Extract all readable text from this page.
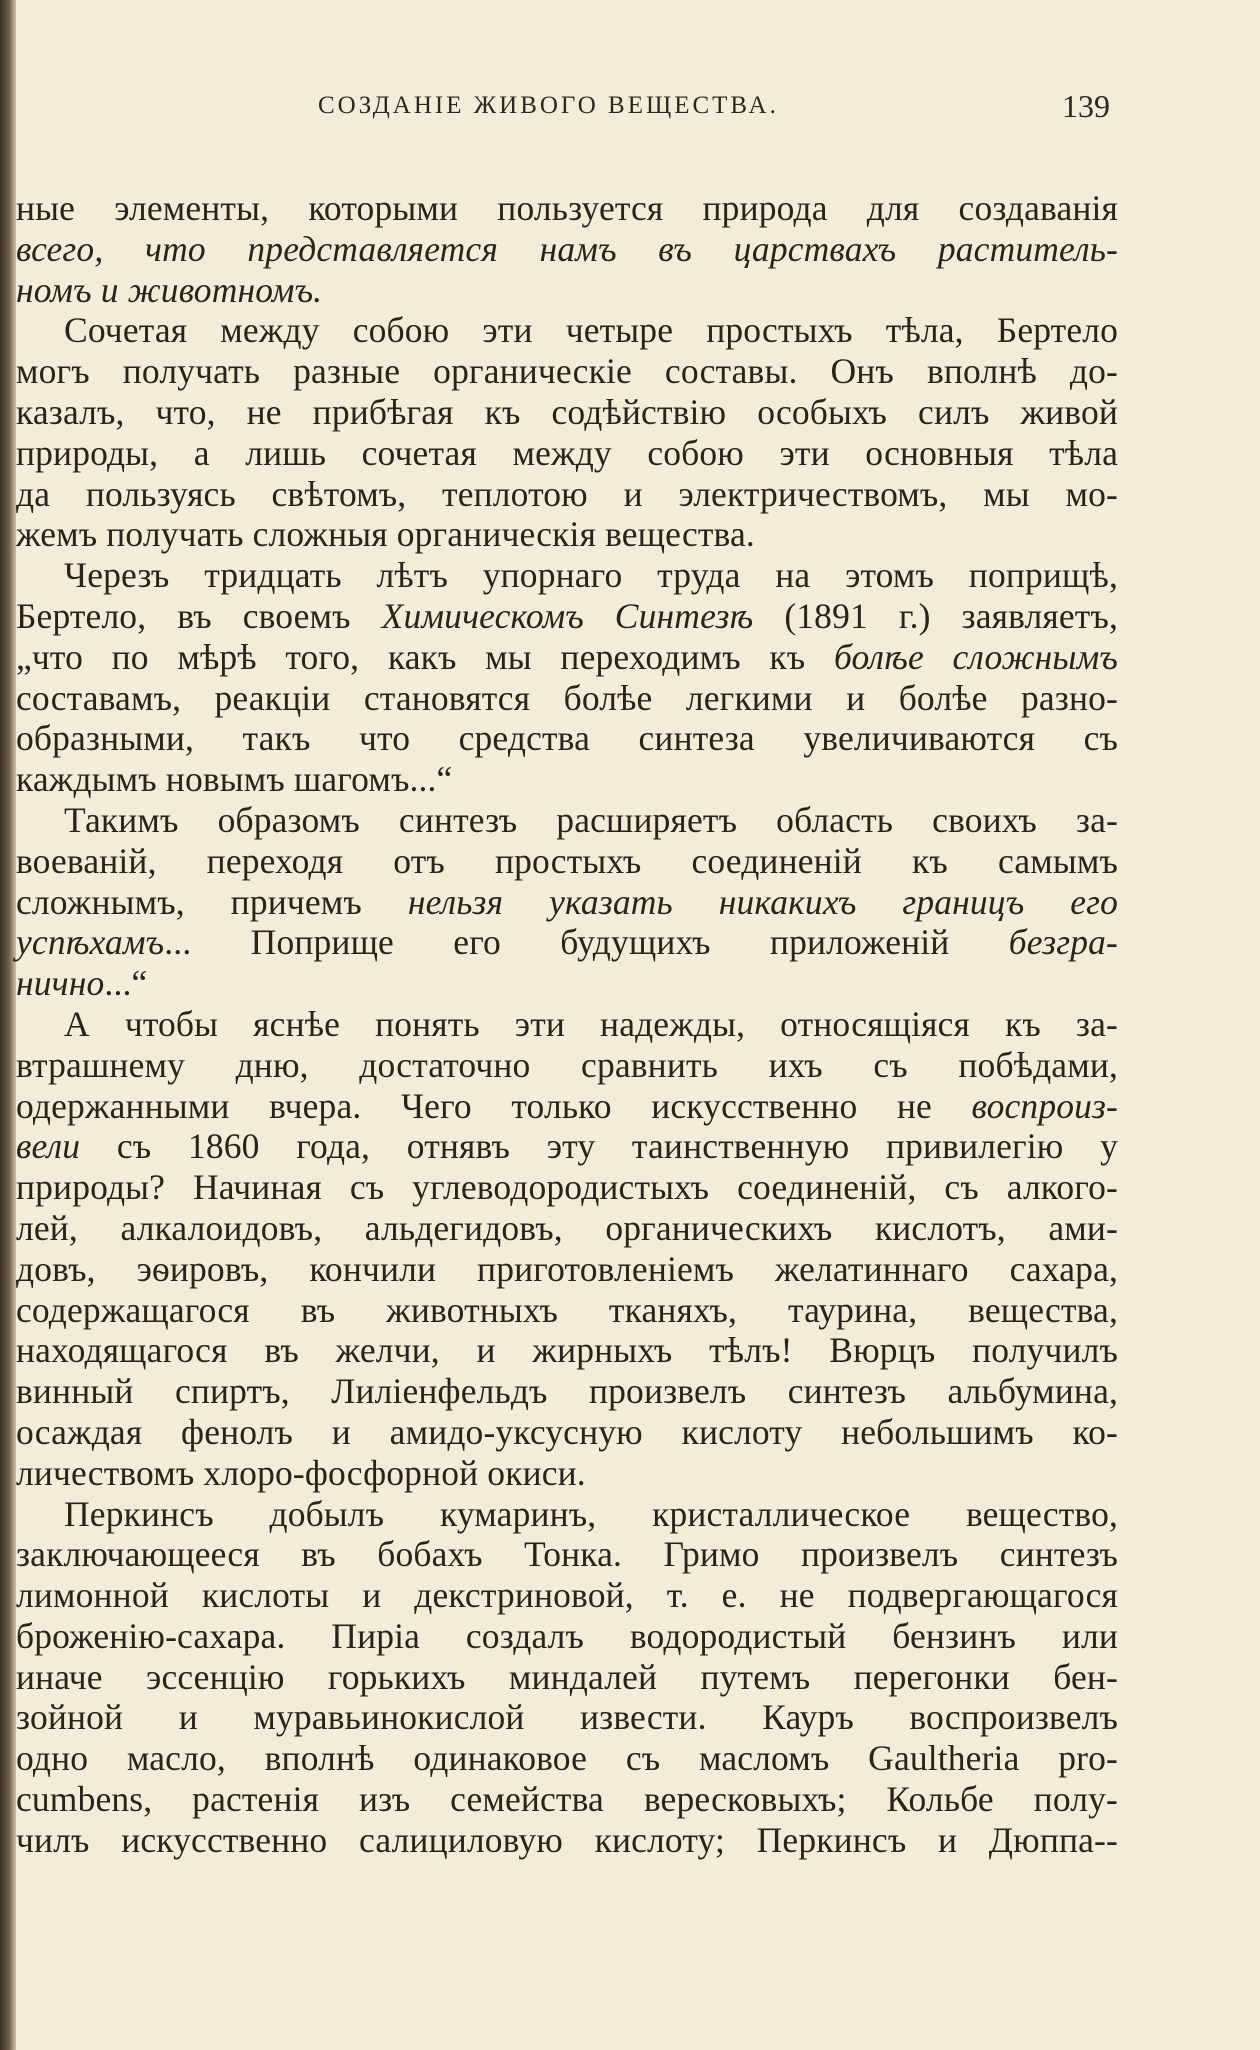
СОЗДАНІЕ ЖИВОГО ВЕЩЕСТВА.	139
ные элементы, которыми пользуется природа для создаванія
всего, что представляется намъ въ царствахъ раститель-
номъ и животномъ.
Сочетая между собою эти четыре простыхъ тѣла, Бертело
могъ получать разные органическіе составы. Онъ вполнѣ до-
казалъ, что, не прибѣгая къ содѣйствію особыхъ силъ живой
природы, а лишь сочетая между собою эти основныя тѣла
да пользуясь свѣтомъ, теплотою и электричествомъ, мы мо-
жемъ получать сложныя органическія вещества.
Черезъ тридцать лѣтъ упорнаго труда на этомъ поприщѣ,
Бертело, въ своемъ Химическомъ Синтезѣ (1891 г.) заявляетъ,
„что по мѣрѣ того, какъ мы переходимъ къ болѣе сложнымъ
составамъ, реакціи становятся болѣе легкими и болѣе разно-
образными, такъ что средства синтеза увеличиваются съ
каждымъ новымъ шагомъ...“
Такимъ образомъ синтезъ расширяетъ область своихъ за-
воеваній, переходя отъ простыхъ соединеній къ самымъ
сложнымъ, причемъ нельзя указать никакихъ границъ его
успѣхамъ... Поприще его будущихъ приложеній безгра-
нично...“
А чтобы яснѣе понять эти надежды, относящіяся къ за-
втрашнему дню, достаточно сравнить ихъ съ побѣдами,
одержанными вчера. Чего только искусственно не воспроиз-
вели съ 1860 года, отнявъ эту таинственную привилегію у
природы? Начиная съ углеводородистыхъ соединеній, съ алкого-
лей, алкалоидовъ, альдегидовъ, органическихъ кислотъ, ами-
довъ, эѳировъ, кончили приготовленіемъ желатиннаго сахара,
содержащагося въ животныхъ тканяхъ, таурина, вещества,
находящагося въ желчи, и жирныхъ тѣлъ! Вюрцъ получилъ
винный спиртъ, Лиліенфельдъ произвелъ синтезъ альбумина,
осаждая фенолъ и амидо-уксусную кислоту небольшимъ ко-
личествомъ хлоро-фосфорной окиси.
Перкинсъ добылъ кумаринъ, кристаллическое вещество,
заключающееся въ бобахъ Тонка. Гримо произвелъ синтезъ
лимонной кислоты и декстриновой, т. е. не подвергающагося
броженію-сахара. Пиріа создалъ водородистый бензинъ или
иначе эссенцію горькихъ миндалей путемъ перегонки бен-
зойной и муравьинокислой извести. Кауръ воспроизвелъ
одно масло, вполнѣ одинаковое съ масломъ Gaultheria pro-
cumbens, растенія изъ семейства вересковыхъ; Кольбе полу-
чилъ искусственно салициловую кислоту; Перкинсъ и Дюппа--
